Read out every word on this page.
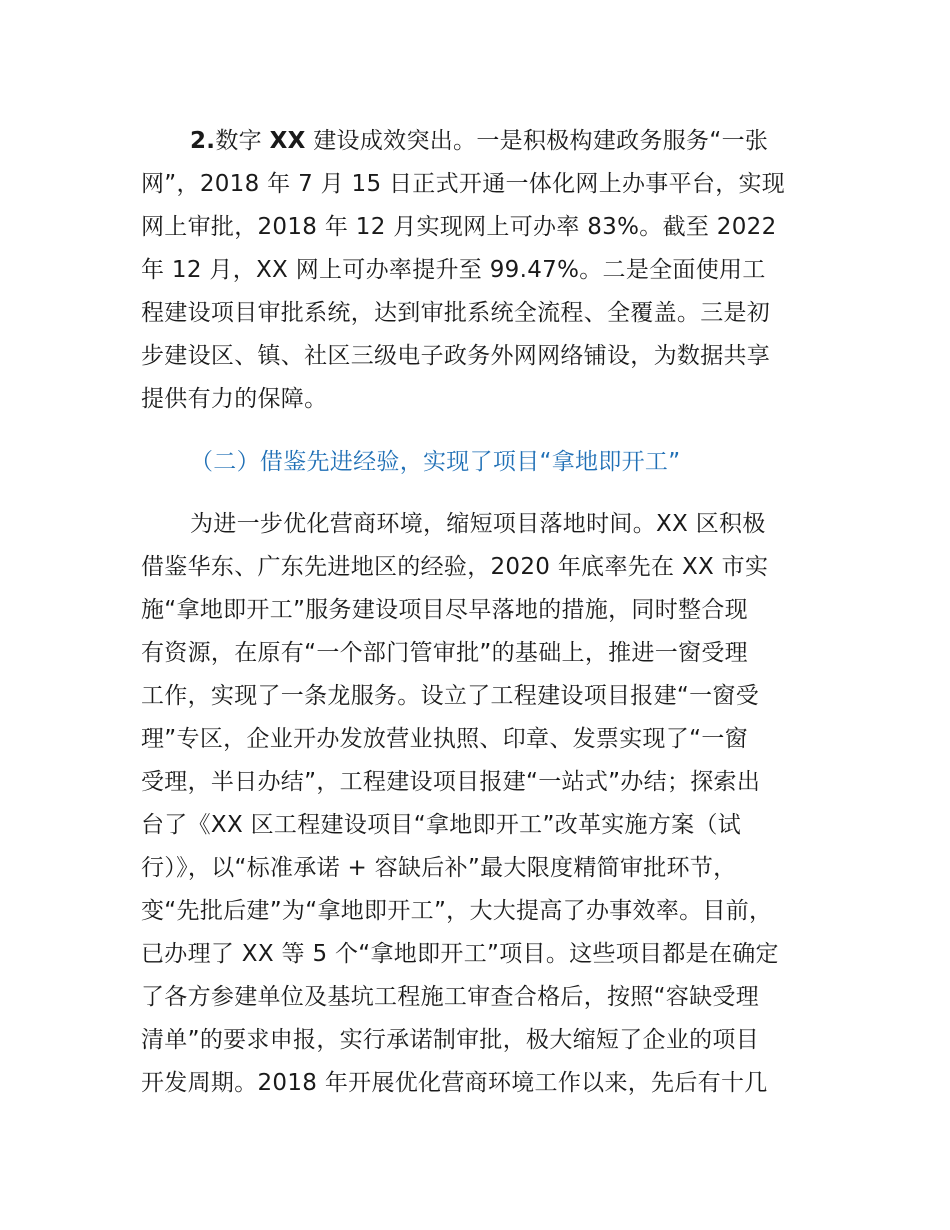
2.数字 XX 建设成效突出。一是积极构建政务服务“一张
网”，2018 年 7 月 15 日正式开通一体化网上办事平台，实现
网上审批，2018 年 12 月实现网上可办率 83%。截至 2022
年 12 月，XX 网上可办率提升至 99.47%。二是全面使用工
程建设项目审批系统，达到审批系统全流程、全覆盖。三是初
步建设区、镇、社区三级电子政务外网网络铺设，为数据共享
提供有力的保障。
（二）借鉴先进经验，实现了项目“拿地即开工”
为进一步优化营商环境，缩短项目落地时间。XX 区积极
借鉴华东、广东先进地区的经验，2020 年底率先在 XX 市实
施“拿地即开工”服务建设项目尽早落地的措施，同时整合现
有资源，在原有“一个部门管审批”的基础上，推进一窗受理
工作，实现了一条龙服务。设立了工程建设项目报建“一窗受
理”专区，企业开办发放营业执照、印章、发票实现了“一窗
受理，半日办结”，工程建设项目报建“一站式”办结；探索出
台了《XX 区工程建设项目“拿地即开工”改革实施方案（试
行）》，以“标准承诺 + 容缺后补”最大限度精简审批环节，
变“先批后建”为“拿地即开工”，大大提高了办事效率。目前，
已办理了 XX 等 5 个“拿地即开工”项目。这些项目都是在确定
了各方参建单位及基坑工程施工审查合格后，按照“容缺受理
清单”的要求申报，实行承诺制审批，极大缩短了企业的项目
开发周期。2018 年开展优化营商环境工作以来，先后有十几
